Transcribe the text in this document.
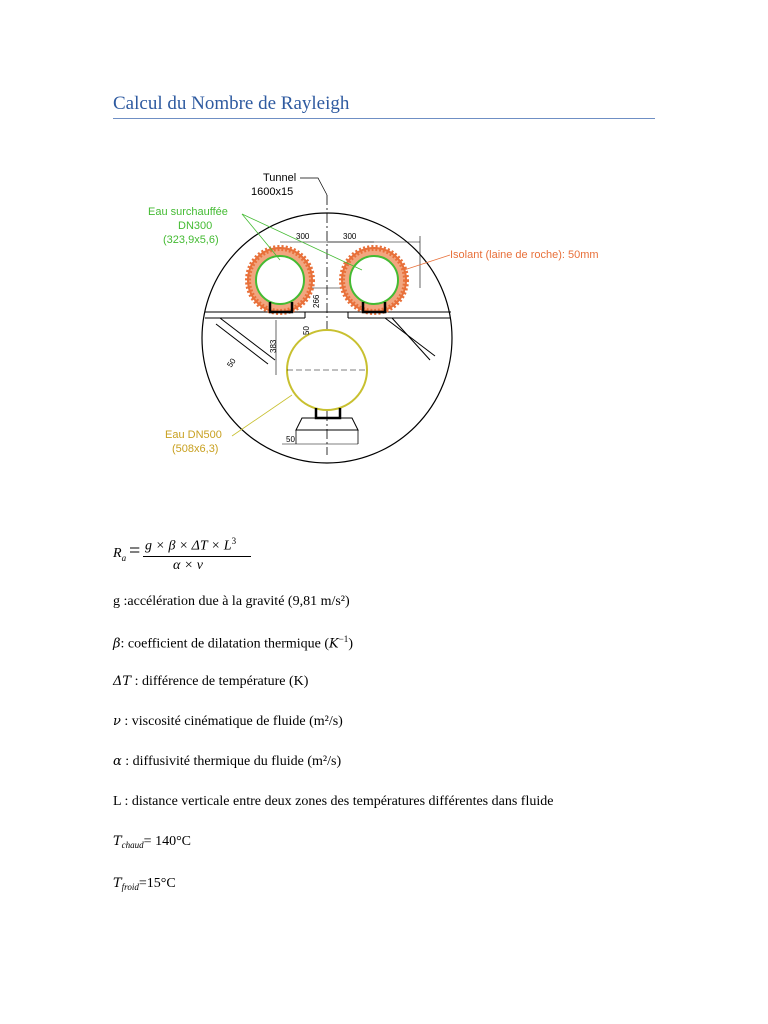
Calcul du Nombre de Rayleigh
300	300
266
50
383
50
50
Tunnel
1600x15
Eau surchauffée
DN300
(323,9x5,6)
Isolant (laine de roche): 50mm
Eau DN500
(508x6,3)
$R_a = g \times \beta \times \Delta T \times L^3$
α × ν
g :accélération due à la gravité (9,81 m/s²)
β: coefficient de dilatation thermique $(K^{-1})$
ΔT : différence de température (K)
ν : viscosité cinématique de fluide (m²/s)
α : diffusivité thermique du fluide (m²/s)
L : distance verticale entre deux zones des températures différentes dans fluide
$T_{chaud}= 140^\circ C$
$T_{froid}=15^\circ C$
